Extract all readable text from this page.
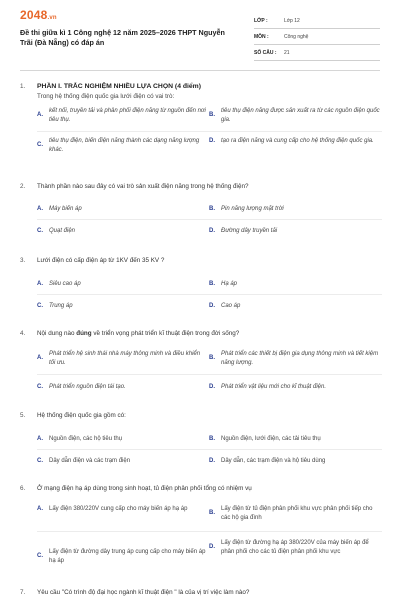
2048.vn
Đề thi giữa kì 1 Công nghệ 12 năm 2025–2026 THPT Nguyễn Trãi (Đà Nẵng) có đáp án
LỚP :	Lớp 12
MÔN :	Công nghệ
SỐ CÂU :	21
1.	PHẦN I. TRẮC NGHIỆM NHIỀU LỰA CHỌN (4 điểm)
Trong hệ thống điện quốc gia lưới điện có vai trò:
A.
kết nối, truyền tải và phân phối điện năng từ nguồn đến nơi tiêu thụ.
B.
tiêu thụ điện năng được sản xuất ra từ các nguồn điện quốc gia.
C.
tiêu thụ điện, biến điện năng thành các dạng năng lượng khác.
D.	tạo ra điện năng và cung cấp cho hệ thống điện quốc gia.
2.	Thành phần nào sau đây có vai trò sản xuất điện năng trong hệ thống điện?
A.	Máy biến áp	B.	Pin năng lượng mặt trời
C.	Quạt điện	D.	Đường dây truyền tải
3.	Lưới điện có cấp điện áp từ 1KV đến 35 KV ?
A.	Siêu cao áp	B.	Hạ áp
C.	Trung áp	D.	Cao áp
4.	Nội dung nào đúng về triển vọng phát triển kĩ thuật điện trong đời sống?
A.
Phát triển hệ sinh thái nhà máy thông minh và điều khiển tối ưu.
B.
Phát triển các thiết bị điện gia dụng thông minh và tiết kiệm năng lượng.
C.	Phát triển nguồn điện tái tạo.	D.	Phát triển vật liệu mới cho kĩ thuật điện.
5.	Hệ thống điện quốc gia gồm có:
A.	Nguồn điện, các hộ tiêu thụ	B.	Nguồn điện, lưới điện, các tải tiêu thụ
C.	Dây dẫn điện và các trạm điện	D.	Dây dẫn, các trạm điện và hộ tiêu dùng
6.	Ở mạng điện hạ áp dùng trong sinh hoạt, tủ điện phân phối tổng có nhiệm vụ
A.	Lấy điện 380/220V cung cấp cho máy biến áp hạ áp
B.
Lấy điện từ tủ điện phân phối khu vực phân phối tiếp cho các hộ gia đình
C.
Lấy điện từ đường dây trung áp cung cấp cho máy biến áp hạ áp
D.
Lấy điện từ đường hạ áp 380/220V của máy biến áp để phân phối cho các tủ điện phân phối khu vực
7.	Yêu cầu "Có trình độ đại học ngành kĩ thuật điện " là của vị trí việc làm nào?
